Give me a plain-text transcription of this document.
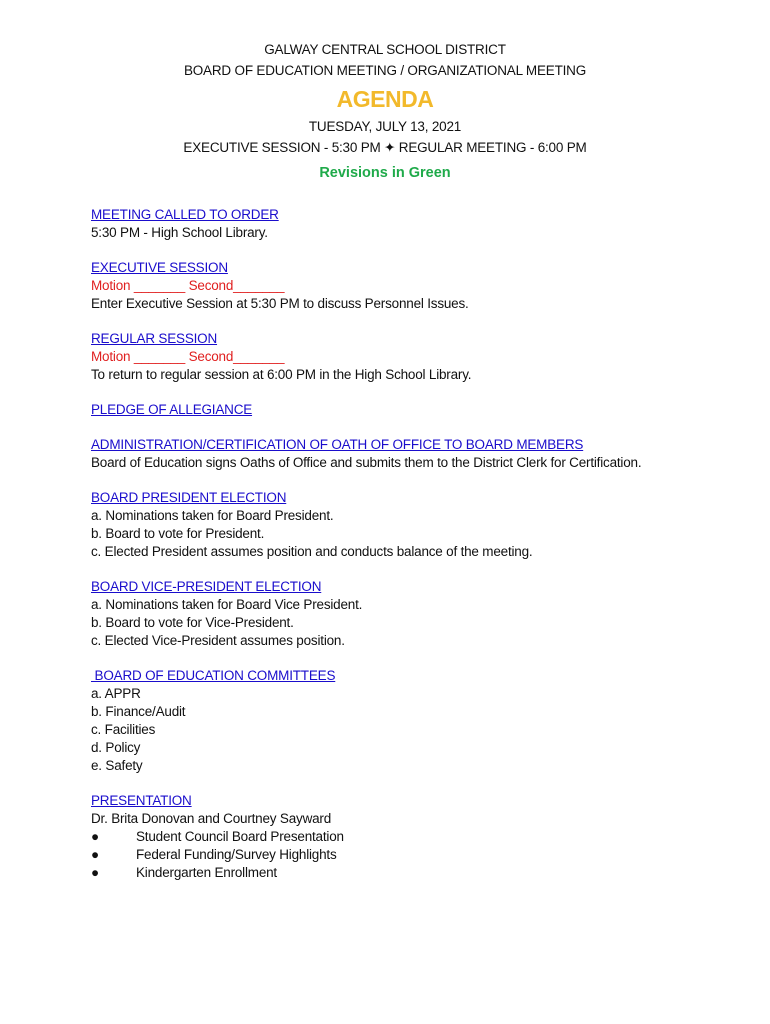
GALWAY CENTRAL SCHOOL DISTRICT
BOARD OF EDUCATION MEETING / ORGANIZATIONAL MEETING
AGENDA
TUESDAY, JULY 13, 2021
EXECUTIVE SESSION - 5:30 PM ✦ REGULAR MEETING - 6:00 PM
Revisions in Green
MEETING CALLED TO ORDER
5:30 PM - High School Library.
EXECUTIVE SESSION
Motion _______ Second_______
Enter Executive Session at 5:30 PM to discuss Personnel Issues.
REGULAR SESSION
Motion _______ Second_______
To return to regular session at 6:00 PM in the High School Library.
PLEDGE OF ALLEGIANCE
ADMINISTRATION/CERTIFICATION OF OATH OF OFFICE TO BOARD MEMBERS
Board of Education signs Oaths of Office and submits them to the District Clerk for Certification.
BOARD PRESIDENT ELECTION
a. Nominations taken for Board President.
b. Board to vote for President.
c. Elected President assumes position and conducts balance of the meeting.
BOARD VICE-PRESIDENT ELECTION
a. Nominations taken for Board Vice President.
b. Board to vote for Vice-President.
c. Elected Vice-President assumes position.
BOARD OF EDUCATION COMMITTEES
a. APPR
b. Finance/Audit
c. Facilities
d. Policy
e. Safety
PRESENTATION
Dr. Brita Donovan and Courtney Sayward
●	Student Council Board Presentation
●	Federal Funding/Survey Highlights
●	Kindergarten Enrollment
